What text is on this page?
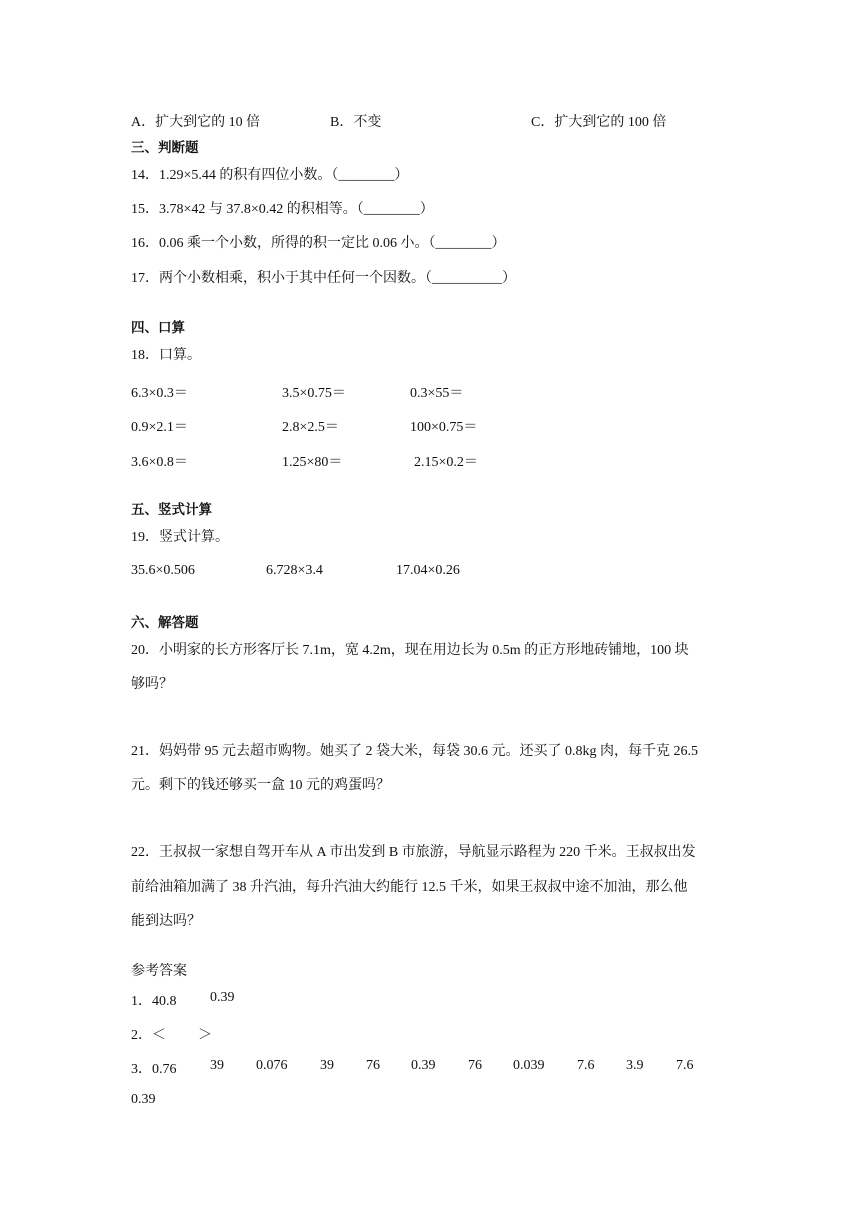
A．扩大到它的 10 倍	B．不变	C．扩大到它的 100 倍
三、判断题
14．1.29×5.44 的积有四位小数。（________）
15．3.78×42 与 37.8×0.42 的积相等。（________）
16．0.06 乘一个小数，所得的积一定比 0.06 小。（________）
17．两个小数相乘，积小于其中任何一个因数。（__________）
四、口算
18．口算。
6.3×0.3＝	3.5×0.75＝	0.3×55＝
0.9×2.1＝	2.8×2.5＝	100×0.75＝
3.6×0.8＝	1.25×80＝	2.15×0.2＝
五、竖式计算
19．竖式计算。
35.6×0.506	6.728×3.4	17.04×0.26
六、解答题
20．小明家的长方形客厅长 7.1m，宽 4.2m，现在用边长为 0.5m 的正方形地砖铺地，100 块
够吗？
21．妈妈带 95 元去超市购物。她买了 2 袋大米，每袋 30.6 元。还买了 0.8kg 肉，每千克 26.5
元。剩下的钱还够买一盒 10 元的鸡蛋吗？
22．王叔叔一家想自驾开车从 A 市出发到 B 市旅游，导航显示路程为 220 千米。王叔叔出发
前给油箱加满了 38 升汽油，每升汽油大约能行 12.5 千米，如果王叔叔中途不加油，那么他
能到达吗？
参考答案
1．40.8 0.39
2．＜ ＞
3．0.76 39 0.076 39 76 0.39 76 0.039 7.6 3.9 7.6
0.39
